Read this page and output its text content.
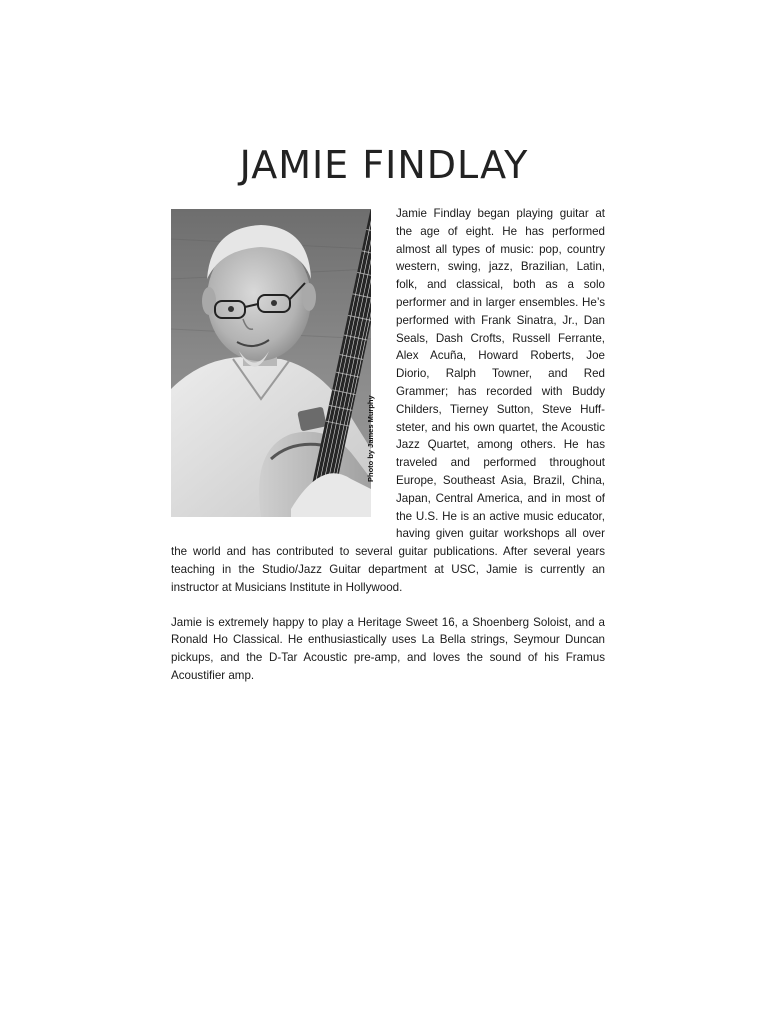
JAMIE FINDLAY
Photo by James Murphy

Jamie Findlay began playing guitar at the age of eight. He has performed almost all types of music: pop, country western, swing, jazz, Brazilian, Latin, folk, and classical, both as a solo performer and in larger ensembles. He’s performed with Frank Sinatra, Jr., Dan Seals, Dash Crofts, Russell Ferrante, Alex Acuña, Howard Roberts, Joe Diorio, Ralph Towner, and Red Grammer; has recorded with Buddy Childers, Tierney Sutton, Steve Huffsteter, and his own quartet, the Acoustic Jazz Quartet, among others. He has traveled and performed throughout Europe, Southeast Asia, Brazil, China, Japan, Central America, and in most of the U.S. He is an active music educator, having given guitar workshops all over the world and has contributed to several guitar publications. After several years teaching in the Studio/Jazz Guitar department at USC, Jamie is currently an instructor at Musicians Institute in Hollywood.

Jamie is extremely happy to play a Heritage Sweet 16, a Shoenberg Soloist, and a Ronald Ho Classical. He enthusiastically uses La Bella strings, Seymour Duncan pickups, and the D-Tar Acoustic pre-amp, and loves the sound of his Framus Acoustifier amp.
